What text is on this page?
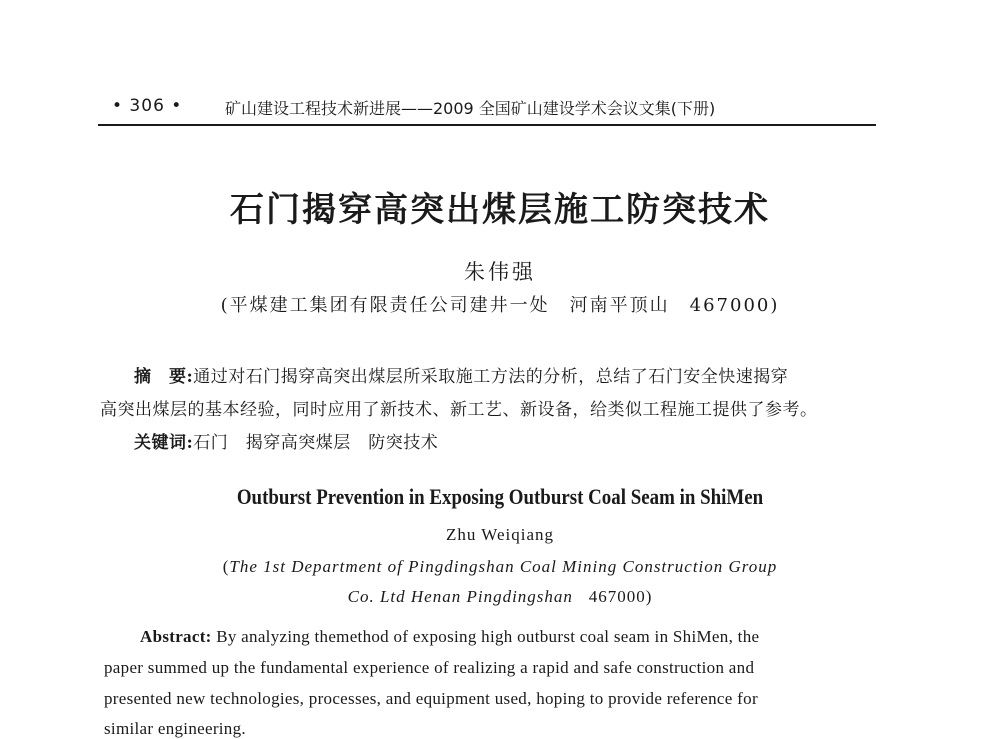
• 306 •	矿山建设工程技术新进展——2009 全国矿山建设学术会议文集(下册)
石门揭穿高突出煤层施工防突技术
朱伟强
(平煤建工集团有限责任公司建井一处　河南平顶山　467000)
摘　要:通过对石门揭穿高突出煤层所采取施工方法的分析，总结了石门安全快速揭穿
高突出煤层的基本经验，同时应用了新技术、新工艺、新设备，给类似工程施工提供了参考。
关键词:石门　揭穿高突煤层　防突技术
Outburst Prevention in Exposing Outburst Coal Seam in ShiMen
Zhu Weiqiang
(The 1st Department of Pingdingshan Coal Mining Construction Group
Co. Ltd Henan Pingdingshan 467000)
Abstract: By analyzing themethod of exposing high outburst coal seam in ShiMen, the
paper summed up the fundamental experience of realizing a rapid and safe construction and
presented new technologies, processes, and equipment used, hoping to provide reference for
similar engineering.
